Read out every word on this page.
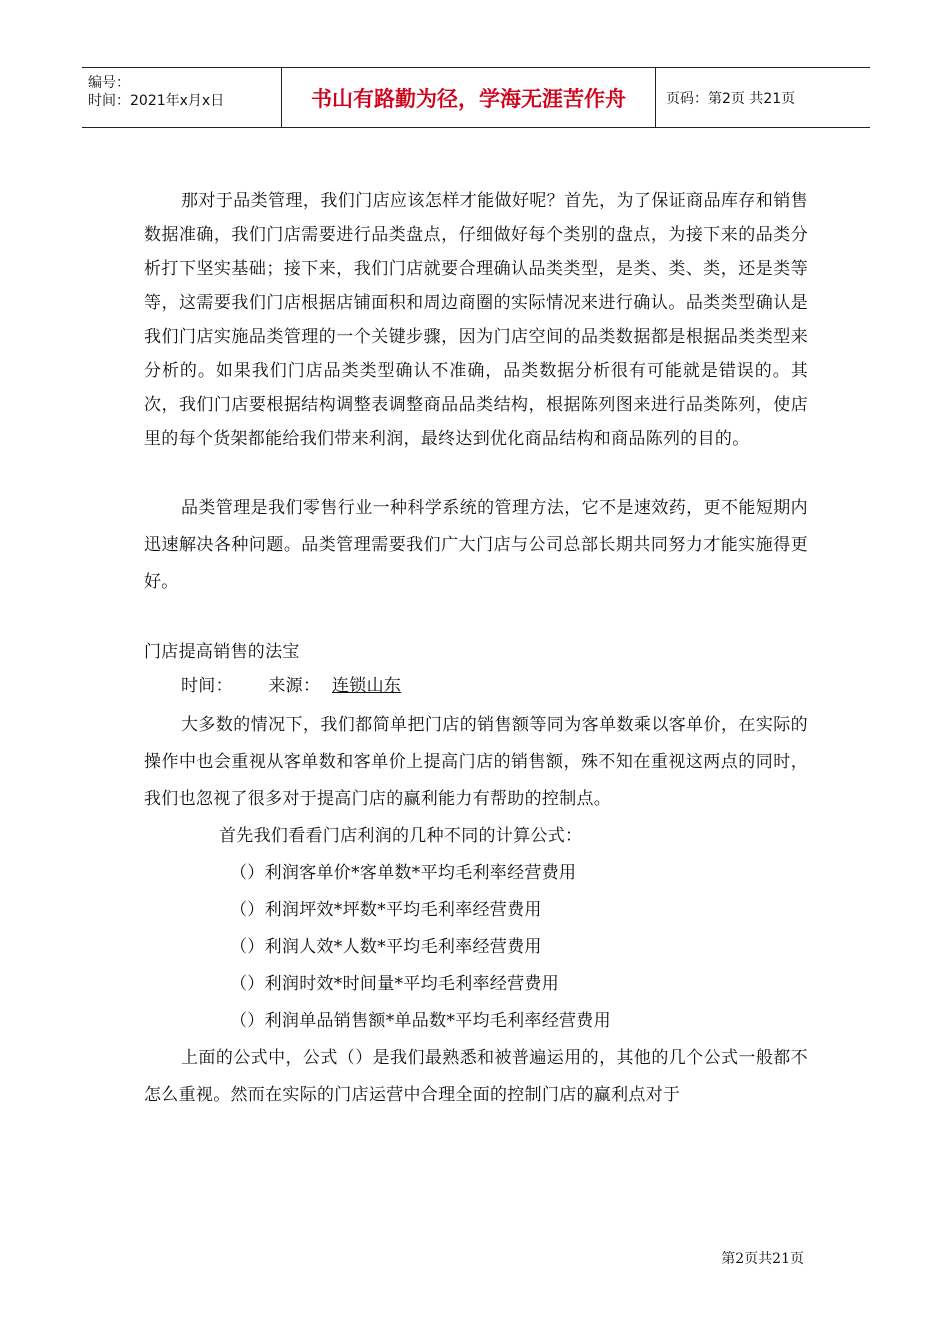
编号：
时间：2021年x月x日	书山有路勤为径，学海无涯苦作舟	页码：第2页 共21页

那对于品类管理，我们门店应该怎样才能做好呢？首先，为了保证商品库存和销售数据准确，我们门店需要进行品类盘点，仔细做好每个类别的盘点，为接下来的品类分析打下坚实基础；接下来，我们门店就要合理确认品类类型，是类、类、类，还是类等等，这需要我们门店根据店铺面积和周边商圈的实际情况来进行确认。品类类型确认是我们门店实施品类管理的一个关键步骤，因为门店空间的品类数据都是根据品类类型来分析的。如果我们门店品类类型确认不准确，品类数据分析很有可能就是错误的。其次，我们门店要根据结构调整表调整商品品类结构，根据陈列图来进行品类陈列，使店里的每个货架都能给我们带来利润，最终达到优化商品结构和商品陈列的目的。

品类管理是我们零售行业一种科学系统的管理方法，它不是速效药，更不能短期内迅速解决各种问题。品类管理需要我们广大门店与公司总部长期共同努力才能实施得更好。

门店提高销售的法宝

时间： 来源： 连锁山东

大多数的情况下，我们都简单把门店的销售额等同为客单数乘以客单价，在实际的操作中也会重视从客单数和客单价上提高门店的销售额，殊不知在重视这两点的同时，我们也忽视了很多对于提高门店的赢利能力有帮助的控制点。

首先我们看看门店利润的几种不同的计算公式：

（）利润客单价*客单数*平均毛利率经营费用

（）利润坪效*坪数*平均毛利率经营费用

（）利润人效*人数*平均毛利率经营费用

（）利润时效*时间量*平均毛利率经营费用

（）利润单品销售额*单品数*平均毛利率经营费用

上面的公式中，公式（）是我们最熟悉和被普遍运用的，其他的几个公式一般都不怎么重视。然而在实际的门店运营中合理全面的控制门店的赢利点对于

第2页共21页
